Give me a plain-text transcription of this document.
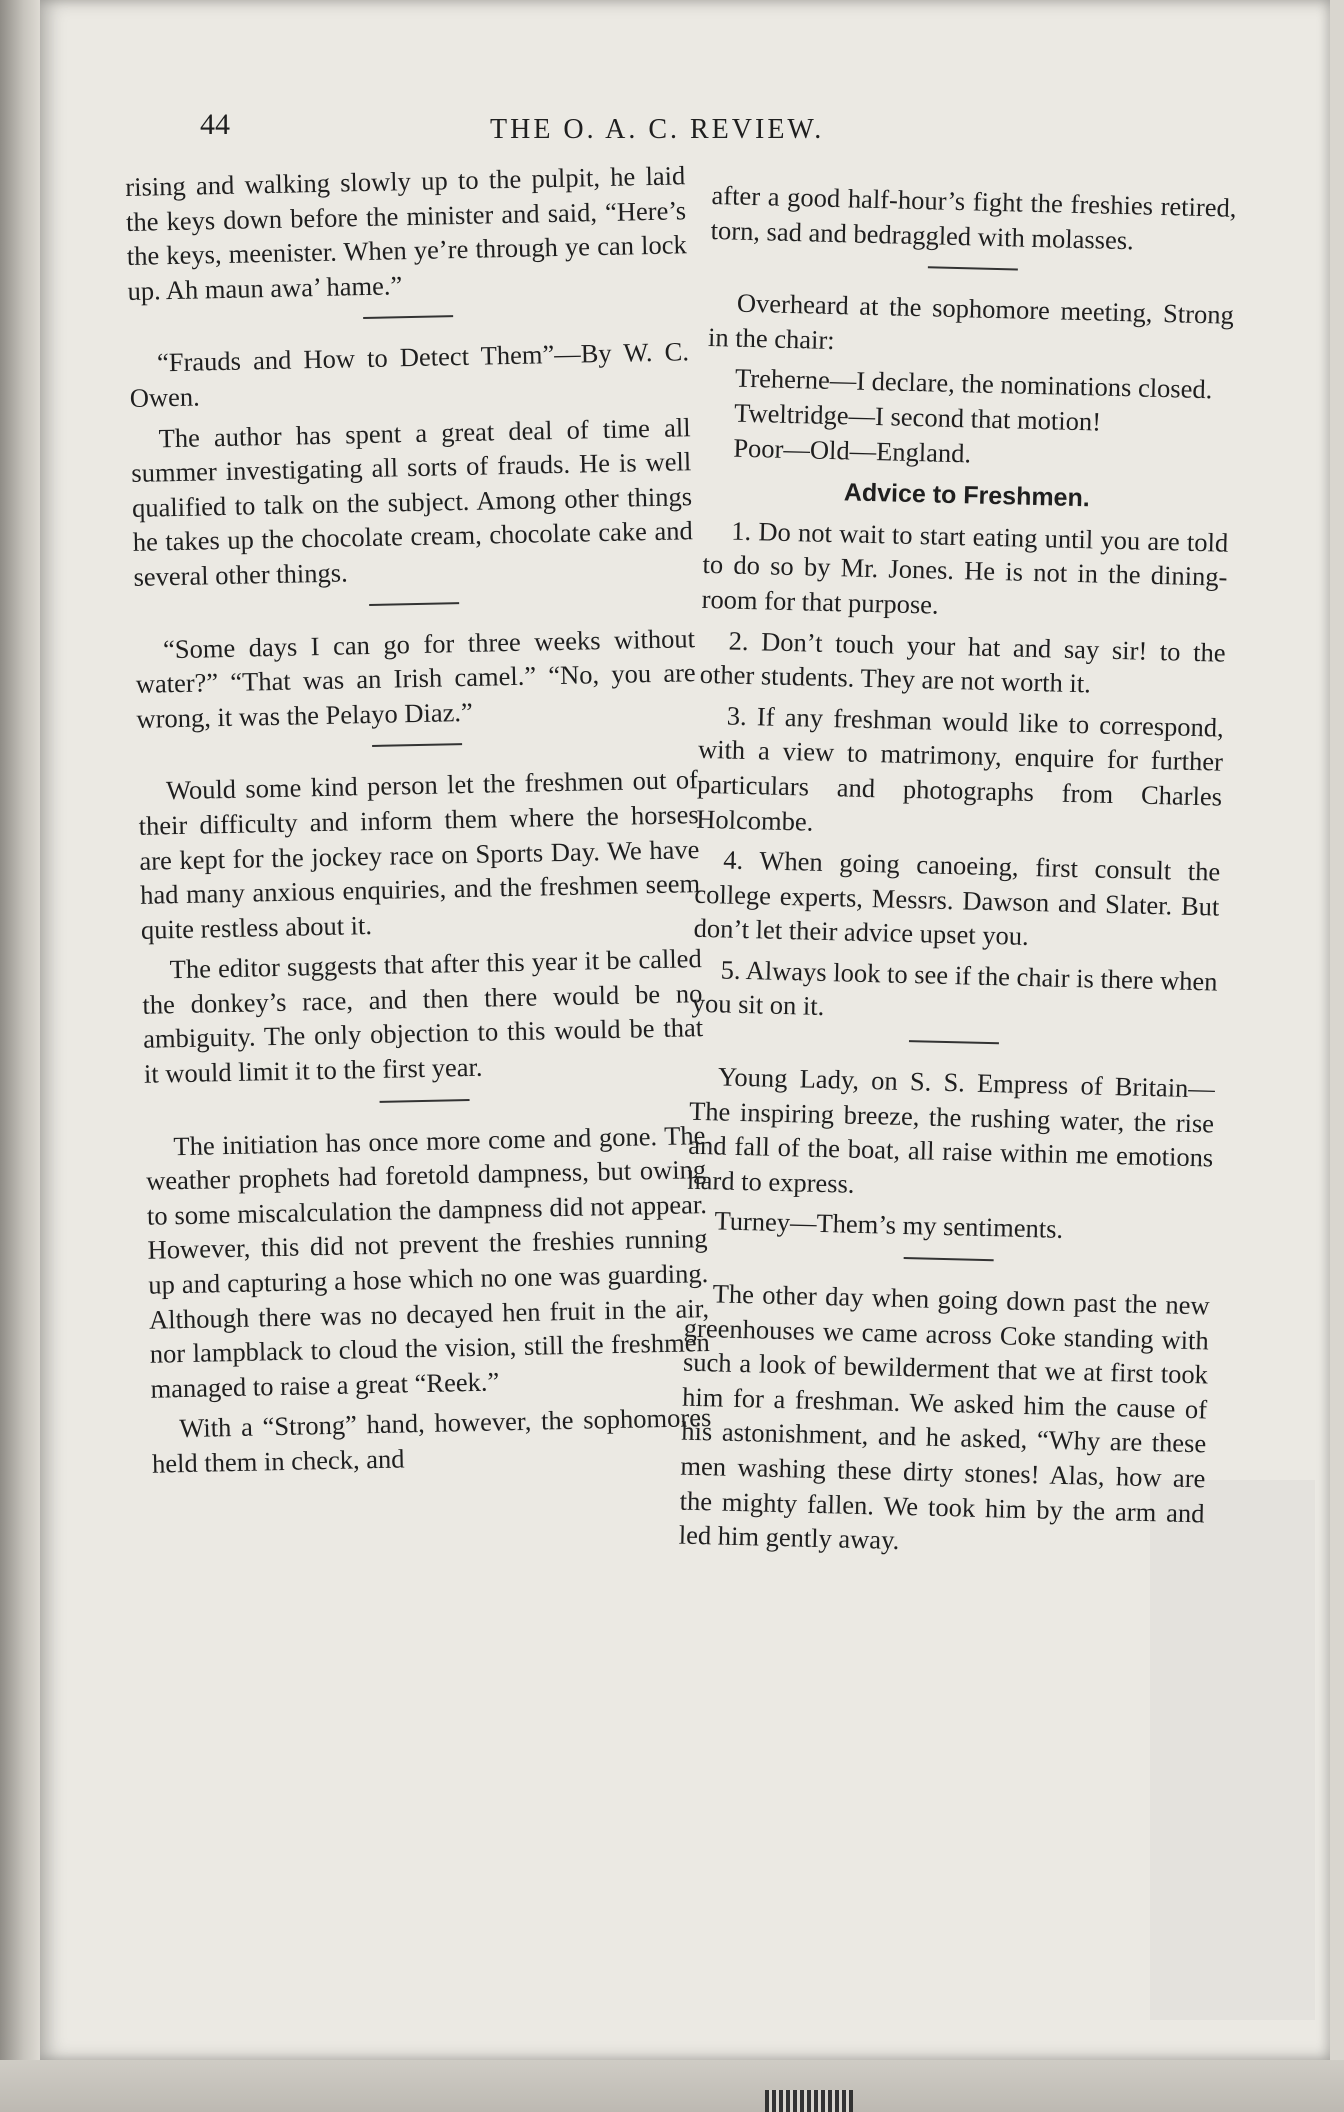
44	THE O. A. C. REVIEW.

rising and walking slowly up to the pulpit, he laid the keys down before the minister and said, “Here’s the keys, meenister. When ye’re through ye can lock up. Ah maun awa’ hame.”

“Frauds and How to Detect Them”—By W. C. Owen.

The author has spent a great deal of time all summer investigating all sorts of frauds. He is well qualified to talk on the subject. Among other things he takes up the chocolate cream, chocolate cake and several other things.

“Some days I can go for three weeks without water?” “That was an Irish camel.” “No, you are wrong, it was the Pelayo Diaz.”

Would some kind person let the freshmen out of their difficulty and inform them where the horses are kept for the jockey race on Sports Day. We have had many anxious enquiries, and the freshmen seem quite restless about it.

The editor suggests that after this year it be called the donkey’s race, and then there would be no ambiguity. The only objection to this would be that it would limit it to the first year.

The initiation has once more come and gone. The weather prophets had foretold dampness, but owing to some miscalculation the dampness did not appear. However, this did not prevent the freshies running up and capturing a hose which no one was guarding. Although there was no decayed hen fruit in the air, nor lampblack to cloud the vision, still the freshmen managed to raise a great “Reek.”

With a “Strong” hand, however, the sophomores held them in check, and

after a good half-hour’s fight the freshies retired, torn, sad and bedraggled with molasses.

Overheard at the sophomore meeting, Strong in the chair:

Treherne—I declare, the nominations closed.

Tweltridge—I second that motion!

Poor—Old—England.

Advice to Freshmen.

1. Do not wait to start eating until you are told to do so by Mr. Jones. He is not in the dining-room for that purpose.

2. Don’t touch your hat and say sir! to the other students. They are not worth it.

3. If any freshman would like to correspond, with a view to matrimony, enquire for further particulars and photographs from Charles Holcombe.

4. When going canoeing, first consult the college experts, Messrs. Dawson and Slater. But don’t let their advice upset you.

5. Always look to see if the chair is there when you sit on it.

Young Lady, on S. S. Empress of Britain—The inspiring breeze, the rushing water, the rise and fall of the boat, all raise within me emotions hard to express.

Turney—Them’s my sentiments.

The other day when going down past the new greenhouses we came across Coke standing with such a look of bewilderment that we at first took him for a freshman. We asked him the cause of his astonishment, and he asked, “Why are these men washing these dirty stones! Alas, how are the mighty fallen. We took him by the arm and led him gently away.
